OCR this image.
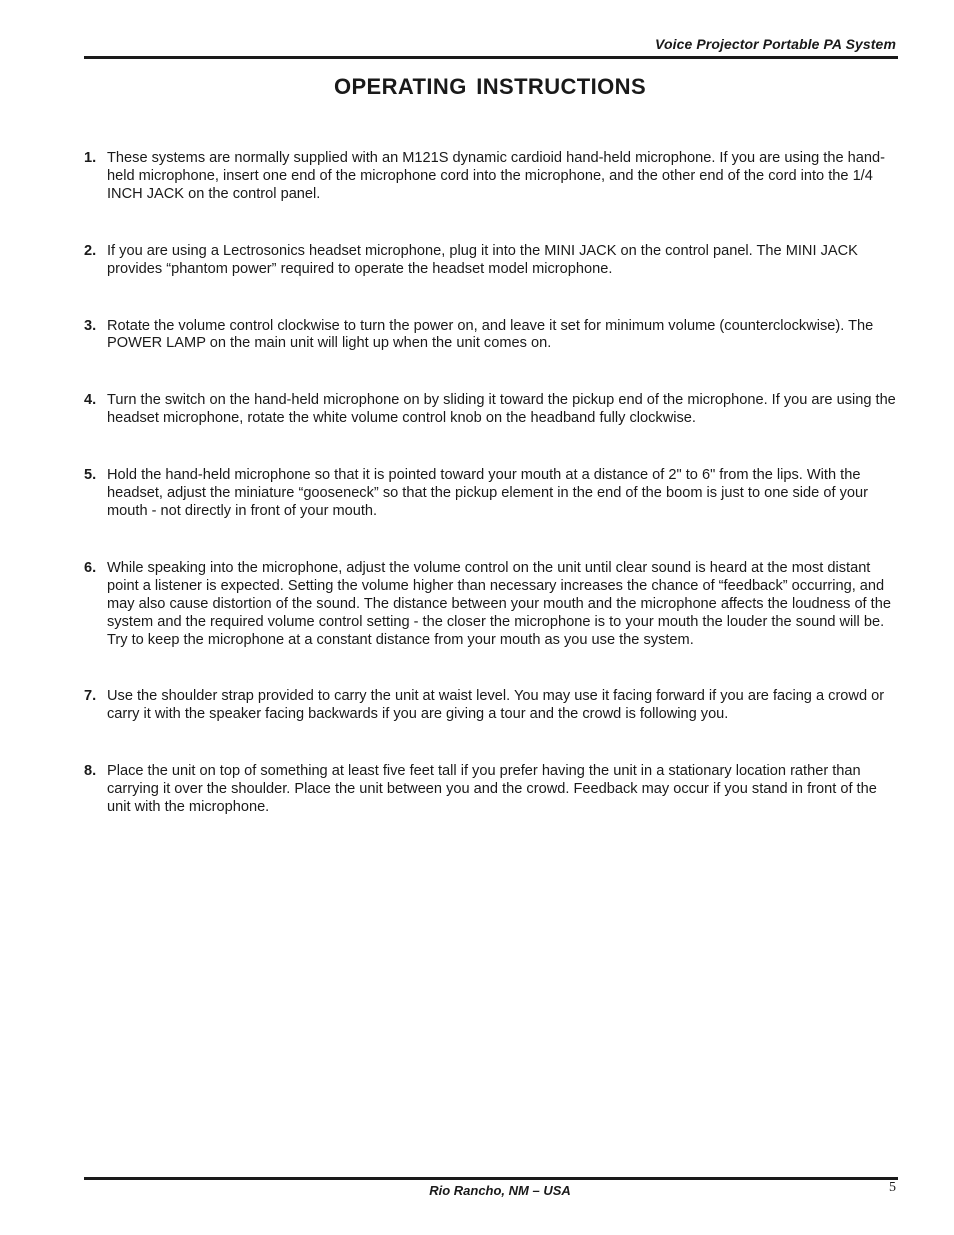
Voice Projector Portable PA System
OPERATING INSTRUCTIONS
1. These systems are normally supplied with an M121S dynamic cardioid hand-held microphone. If you are using the hand-held microphone, insert one end of the microphone cord into the microphone, and the other end of the cord into the 1/4 INCH JACK on the control panel.
2. If you are using a Lectrosonics headset microphone, plug it into the MINI JACK on the control panel. The MINI JACK provides “phantom power” required to operate the headset model microphone.
3. Rotate the volume control clockwise to turn the power on, and leave it set for minimum volume (counterclockwise). The POWER LAMP on the main unit will light up when the unit comes on.
4. Turn the switch on the hand-held microphone on by sliding it toward the pickup end of the microphone. If you are using the headset microphone, rotate the white volume control knob on the headband fully clockwise.
5. Hold the hand-held microphone so that it is pointed toward your mouth at a distance of 2" to 6" from the lips. With the headset, adjust the miniature “gooseneck” so that the pickup element in the end of the boom is just to one side of your mouth - not directly in front of your mouth.
6. While speaking into the microphone, adjust the volume control on the unit until clear sound is heard at the most distant point a listener is expected. Setting the volume higher than necessary increases the chance of “feedback” occurring, and may also cause distortion of the sound. The distance between your mouth and the microphone affects the loudness of the system and the required volume control setting - the closer the microphone is to your mouth the louder the sound will be. Try to keep the microphone at a constant distance from your mouth as you use the system.
7. Use the shoulder strap provided to carry the unit at waist level. You may use it facing forward if you are facing a crowd or carry it with the speaker facing backwards if you are giving a tour and the crowd is following you.
8. Place the unit on top of something at least five feet tall if you prefer having the unit in a stationary location rather than carrying it over the shoulder. Place the unit between you and the crowd. Feedback may occur if you stand in front of the unit with the microphone.
Rio Rancho, NM – USA	5
